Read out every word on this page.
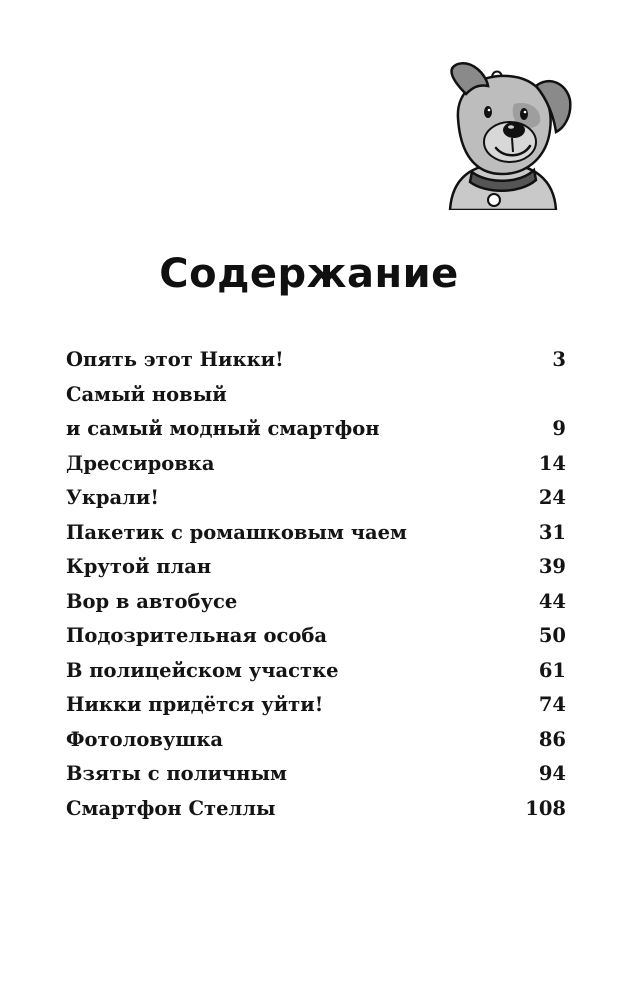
Содержание
Опять этот Никки!	3
Самый новый
и самый модный смартфон	9
Дрессировка	14
Украли!	24
Пакетик с ромашковым чаем	31
Крутой план	39
Вор в автобусе	44
Подозрительная особа	50
В полицейском участке	61
Никки придётся уйти!	74
Фотоловушка	86
Взяты с поличным	94
Смартфон Стеллы	108
